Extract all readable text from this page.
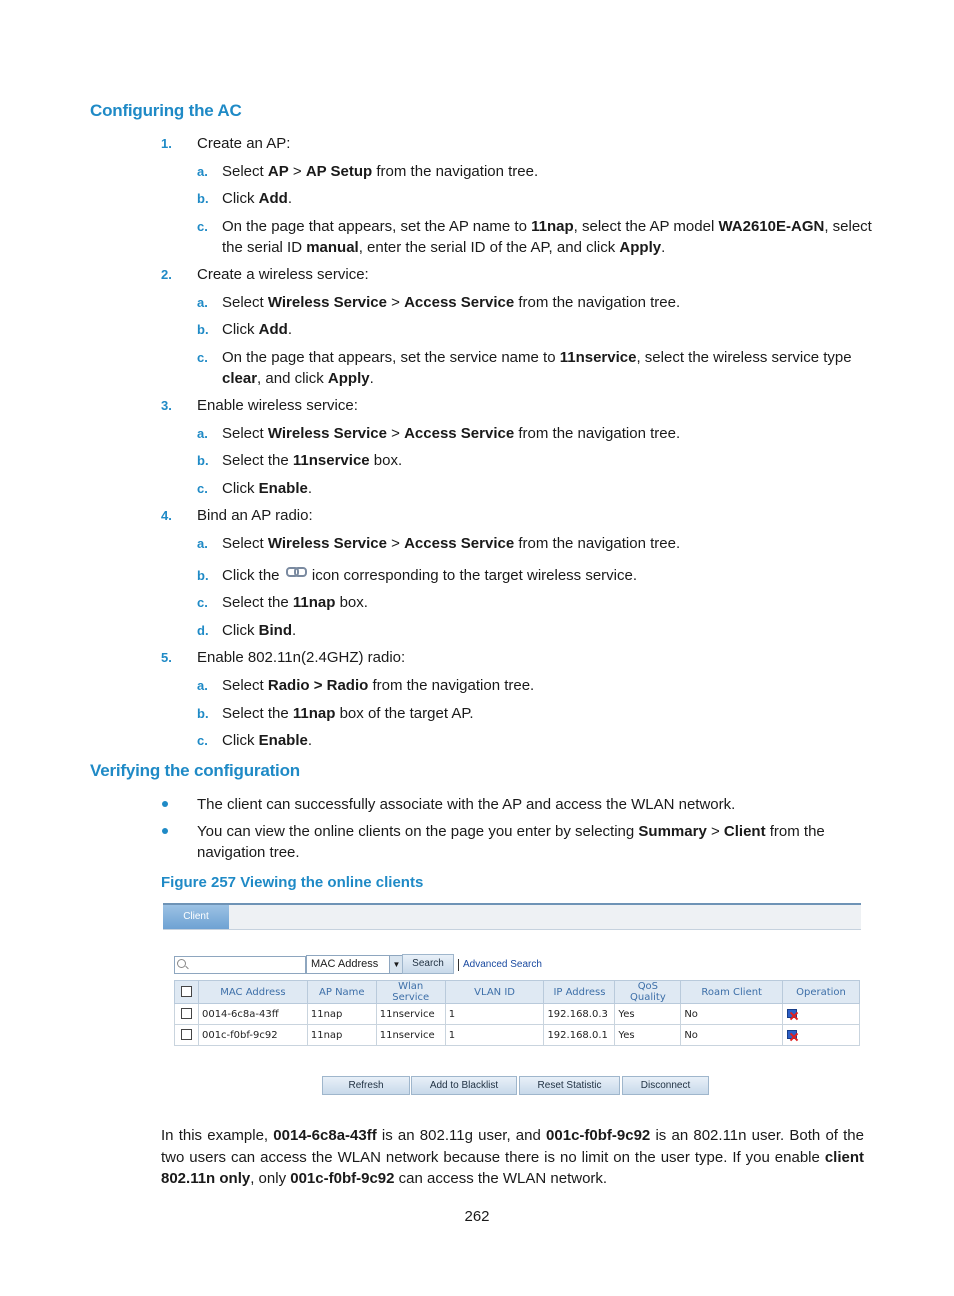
Configuring the AC
1.	Create an AP:
a. Select AP > AP Setup from the navigation tree.
b. Click Add.
c. On the page that appears, set the AP name to 11nap, select the AP model WA2610E-AGN, select the serial ID manual, enter the serial ID of the AP, and click Apply.
2.	Create a wireless service:
a. Select Wireless Service > Access Service from the navigation tree.
b. Click Add.
c. On the page that appears, set the service name to 11nservice, select the wireless service type clear, and click Apply.
3.	Enable wireless service:
a. Select Wireless Service > Access Service from the navigation tree.
b. Select the 11nservice box.
c. Click Enable.
4.	Bind an AP radio:
a. Select Wireless Service > Access Service from the navigation tree.
b. Click the
icon corresponding to the target wireless service.
c. Select the 11nap box.
d. Click Bind.
5.	Enable 802.11n(2.4GHZ) radio:
a. Select Radio > Radio from the navigation tree.
b. Select the 11nap box of the target AP.
c. Click Enable.
Verifying the configuration
The client can successfully associate with the AP and access the WLAN network.
You can view the online clients on the page you enter by selecting Summary > Client from the navigation tree.
Figure 257 Viewing the online clients
Client
MAC Address	▼	Search	Advanced Search
	MAC Address	AP Name	Wlan Service	VLAN ID	IP Address	QoS Quality	Roam Client	Operation
	0014-6c8a-43ff	11nap	11nservice	1	192.168.0.3	Yes	No	

	001c-f0bf-9c92	11nap	11nservice	1	192.168.0.1	Yes	No	
Refresh	Add to Blacklist	Reset Statistic	Disconnect
In this example, 0014-6c8a-43ff is an 802.11g user, and 001c-f0bf-9c92 is an 802.11n user. Both of the two users can access the WLAN network because there is no limit on the user type. If you enable client 802.11n only, only 001c-f0bf-9c92 can access the WLAN network.
262
